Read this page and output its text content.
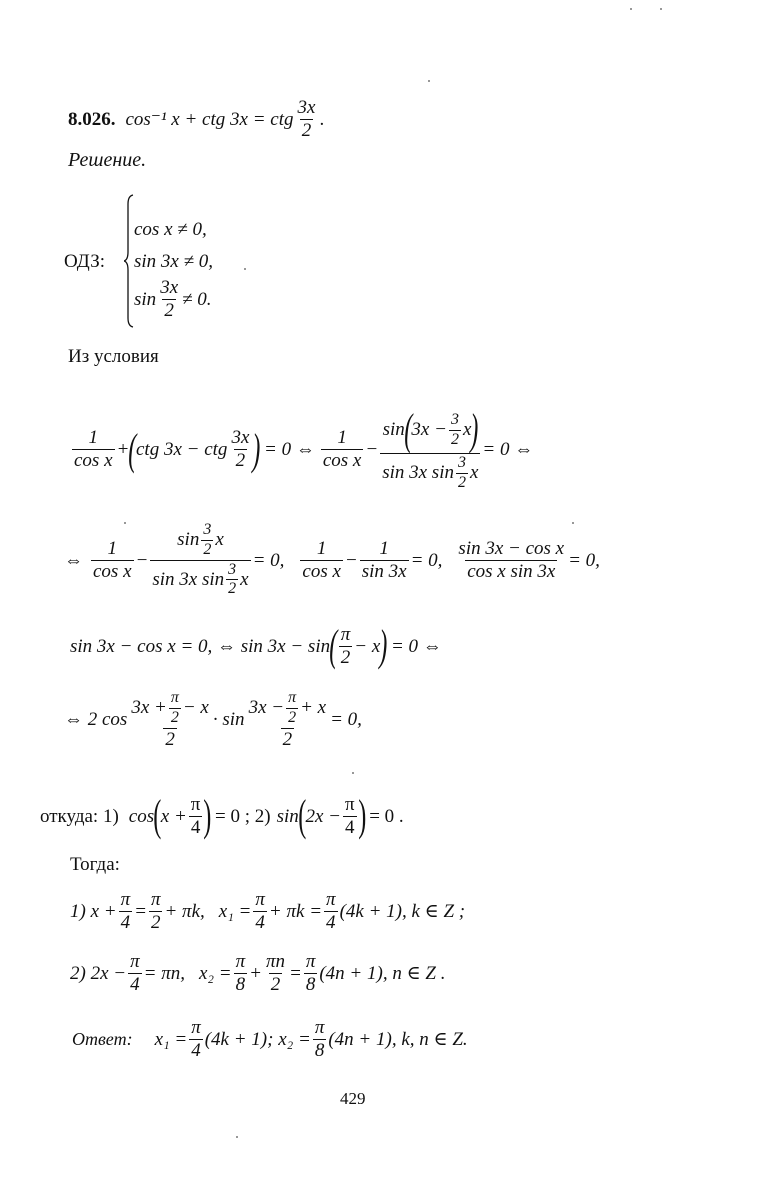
8.026. cos⁻¹ x + ctg 3x = ctg $\frac{3x}{2}$ .
Решение.
ОДЗ:
cos x ≠ 0,
sin 3x ≠ 0,
$\sin \frac{3x}{2} \ne 0$.
Из условия
$\frac{1}{\text{cos x}}$ + ( ctg 3x − ctg $\frac{3x}{2}$ ) = 0 ⇔ $\frac{1}{\text{cos x}}$ −
sin ( $3x - \frac{3}{2}$ x )
sin 3x $\sin \frac{3}{2}$ x
= 0 ⇔
⇔ $\frac{1}{\text{cos x}} - \frac{\sin \frac{3}{2} x}{\sin 3x \sin \frac{3}{2} x} = 0$, $\frac{1}{\text{cos x}} - \frac{1}{\sin 3x} = 0$, $\frac{\text{sin 3x − cos x}}{\text{cos x sin 3x}} = 0$,
sin 3x − cos x = 0, ⇔ sin 3x − sin ( $\frac{\pi}{2} - x$ ) = 0 ⇔
⇔ 2 $\cos \frac{3x + \frac{\pi}{2} - x}{2} \cdot \sin \frac{3x - \frac{\pi}{2} + x}{2} = 0$,
откуда: 1) cos ( $x + \frac{\pi}{4}$ ) = 0 ; 2) sin ( $2x - \frac{\pi}{4}$ ) = 0 .
Тогда:
1) $x + \frac{\pi}{4} = \frac{\pi}{2} + \pi k$, $x_1 = \frac{\pi}{4} + \pi k = \frac{\pi}{4} (4k + 1)$, k ∈ Z ;
2) $2x - \frac{\pi}{4} = \pi n$, $x_2 = \frac{\pi}{8} + \frac{\pi n}{2} = \frac{\pi}{8} (4n + 1)$, n ∈ Z .
Ответ: $x_1 = \frac{\pi}{4} (4k + 1)$; $x_2 = \frac{\pi}{8} (4n + 1)$, k, n ∈ Z.
429
